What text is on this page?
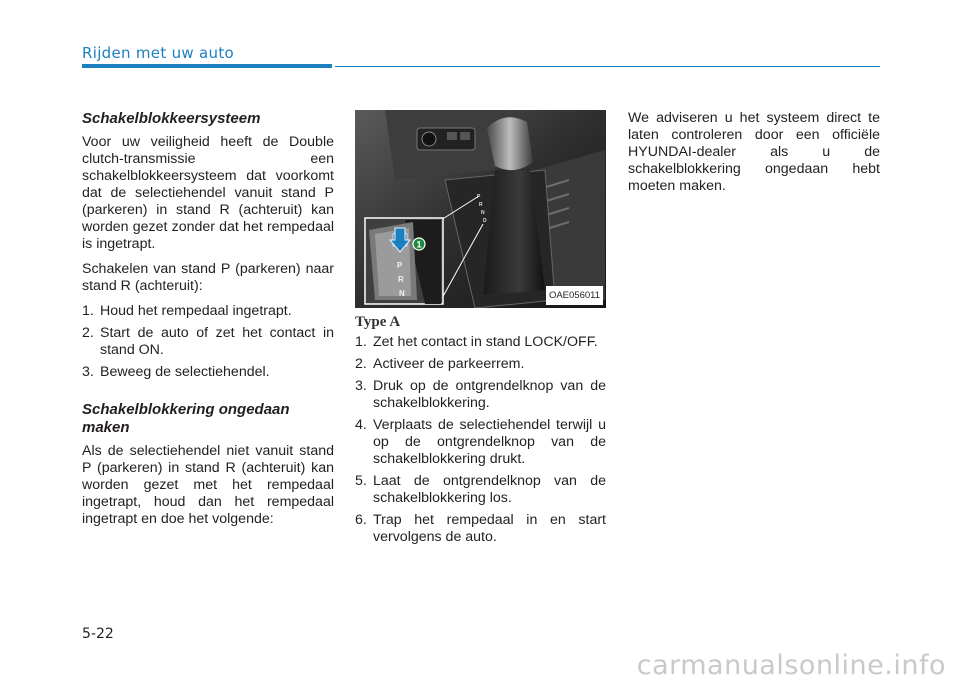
Rijden met uw auto
Schakelblokkeersysteem

Voor uw veiligheid heeft de Double clutch-transmissie een schakelblokkeersysteem dat voorkomt dat de selectiehendel vanuit stand P (parkeren) in stand R (achteruit) kan worden gezet zonder dat het rempedaal is ingetrapt.

Schakelen van stand P (parkeren) naar stand R (achteruit):

1. Houd het rempedaal ingetrapt.
2. Start de auto of zet het contact in stand ON.
3. Beweeg de selectiehendel.
Schakelblokkering ongedaan maken

Als de selectiehendel niet vanuit stand P (parkeren) in stand R (achteruit) kan worden gezet met het rempedaal ingetrapt, houd dan het rempedaal ingetrapt en doe het volgende:

P
R
N
D
P
R
N
1
OAE056011
Type A
1. Zet het contact in stand LOCK/OFF.
2. Activeer de parkeerrem.
3. Druk op de ontgrendelknop van de schakelblokkering.
4. Verplaats de selectiehendel terwijl u op de ontgrendelknop van de schakelblokkering drukt.
5. Laat de ontgrendelknop van de schakelblokkering los.
6. Trap het rempedaal in en start vervolgens de auto.

We adviseren u het systeem direct te laten controleren door een officiële HYUNDAI-dealer als u de schakelblokkering ongedaan hebt moeten maken.

5-22
carmanualsonline.info
